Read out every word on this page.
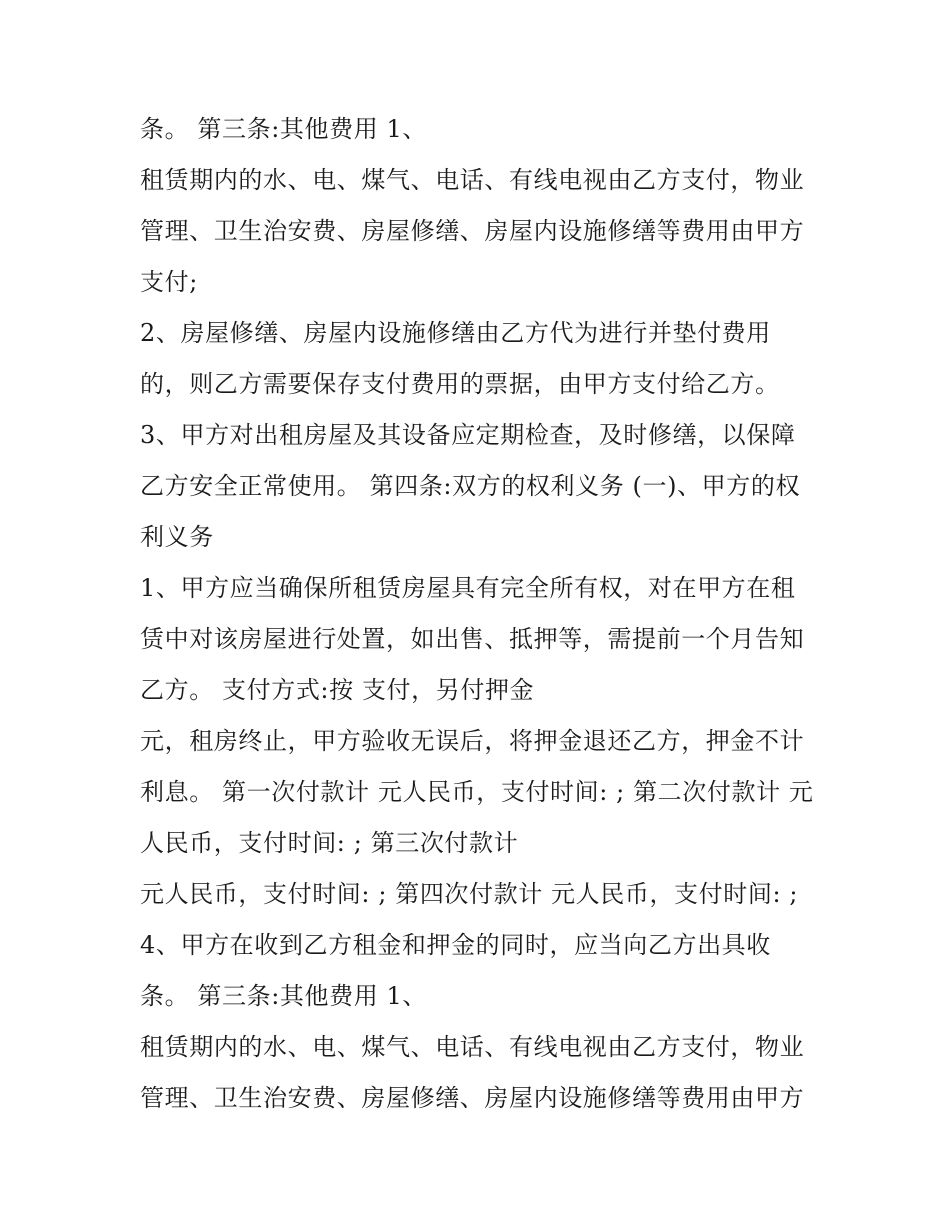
条。 第三条:其他费用 1、
租赁期内的水、电、煤气、电话、有线电视由乙方支付，物业
管理、卫生治安费、房屋修缮、房屋内设施修缮等费用由甲方
支付;
2、房屋修缮、房屋内设施修缮由乙方代为进行并垫付费用
的，则乙方需要保存支付费用的票据，由甲方支付给乙方。
3、甲方对出租房屋及其设备应定期检查，及时修缮，以保障
乙方安全正常使用。 第四条:双方的权利义务 (一)、甲方的权
利义务
1、甲方应当确保所租赁房屋具有完全所有权，对在甲方在租
赁中对该房屋进行处置，如出售、抵押等，需提前一个月告知
乙方。 支付方式:按 支付，另付押金
元，租房终止，甲方验收无误后，将押金退还乙方，押金不计
利息。 第一次付款计 元人民币，支付时间: ; 第二次付款计 元
人民币，支付时间: ; 第三次付款计
元人民币，支付时间: ; 第四次付款计 元人民币，支付时间: ;
4、甲方在收到乙方租金和押金的同时，应当向乙方出具收
条。 第三条:其他费用 1、
租赁期内的水、电、煤气、电话、有线电视由乙方支付，物业
管理、卫生治安费、房屋修缮、房屋内设施修缮等费用由甲方
